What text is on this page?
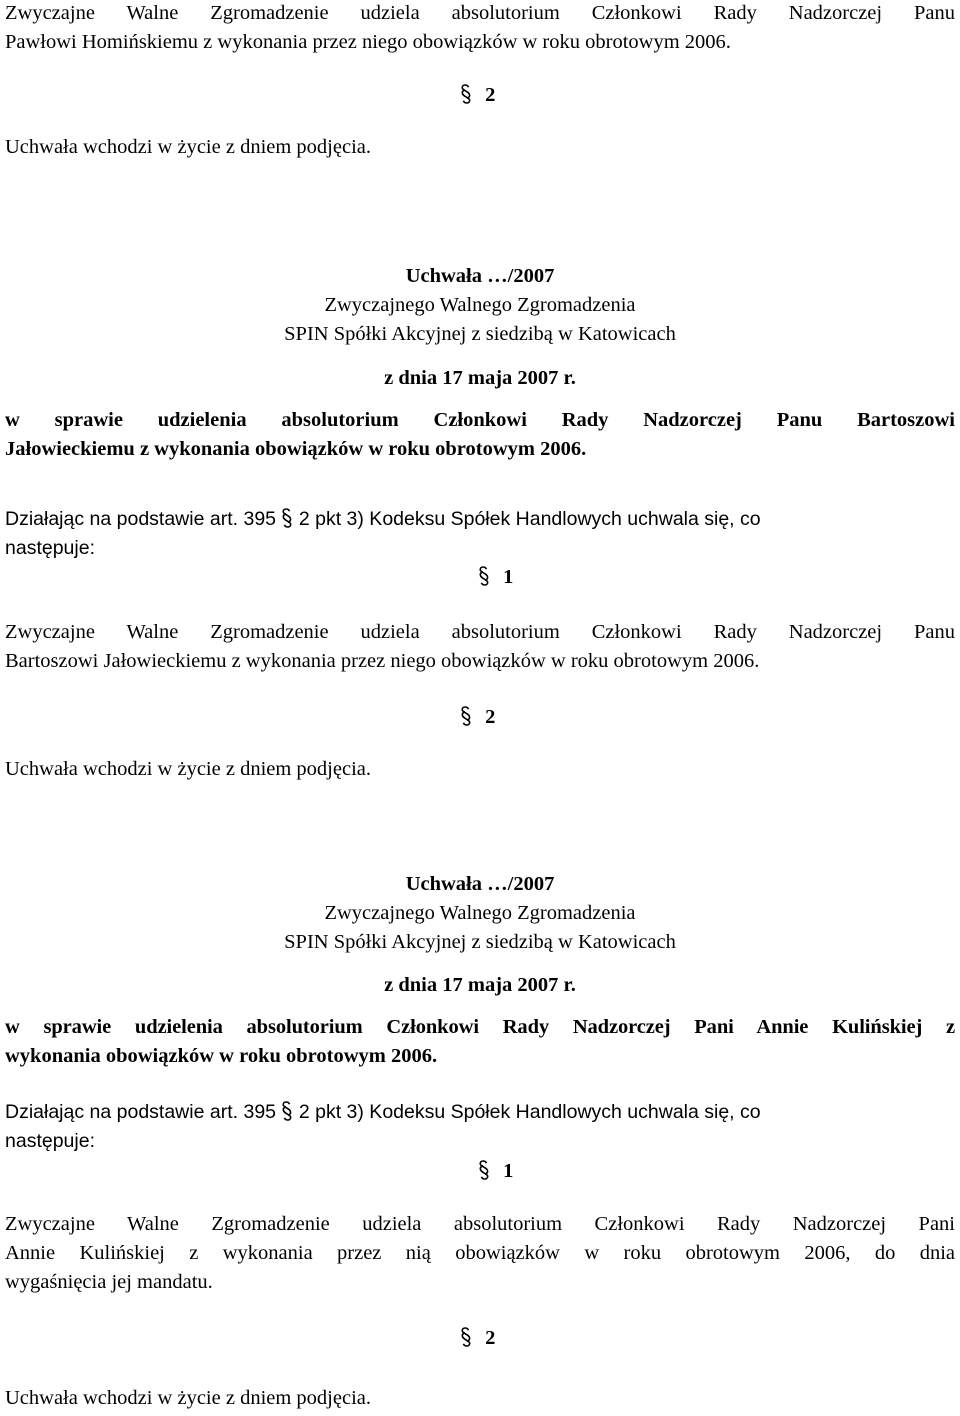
Zwyczajne Walne Zgromadzenie udziela absolutorium Członkowi Rady Nadzorczej Panu

Pawłowi Homińskiemu z wykonania przez niego obowiązków w roku obrotowym 2006.

2

Uchwała wchodzi w życie z dniem podjęcia.

Uchwała …/2007
Zwyczajnego Walnego Zgromadzenia
SPIN Spółki Akcyjnej z siedzibą w Katowicach
z dnia 17 maja 2007 r.
w sprawie udzielenia absolutorium Członkowi Rady Nadzorczej Panu Bartoszowi
Jałowieckiemu z wykonania obowiązków w roku obrotowym 2006.
Działając na podstawie art. 395 2 pkt 3) Kodeksu Spółek Handlowych uchwala się, co
następuje:
1

Zwyczajne Walne Zgromadzenie udziela absolutorium Członkowi Rady Nadzorczej Panu

Bartoszowi Jałowieckiemu z wykonania przez niego obowiązków w roku obrotowym 2006.

2

Uchwała wchodzi w życie z dniem podjęcia.

Uchwała …/2007
Zwyczajnego Walnego Zgromadzenia
SPIN Spółki Akcyjnej z siedzibą w Katowicach
z dnia 17 maja 2007 r.
w sprawie udzielenia absolutorium Członkowi Rady Nadzorczej Pani Annie Kulińskiej z
wykonania obowiązków w roku obrotowym 2006.
Działając na podstawie art. 395 2 pkt 3) Kodeksu Spółek Handlowych uchwala się, co
następuje:
1

Zwyczajne Walne Zgromadzenie udziela absolutorium Członkowi Rady Nadzorczej Pani

Annie Kulińskiej z wykonania przez nią obowiązków w roku obrotowym 2006, do dnia

wygaśnięcia jej mandatu.

2

Uchwała wchodzi w życie z dniem podjęcia.
